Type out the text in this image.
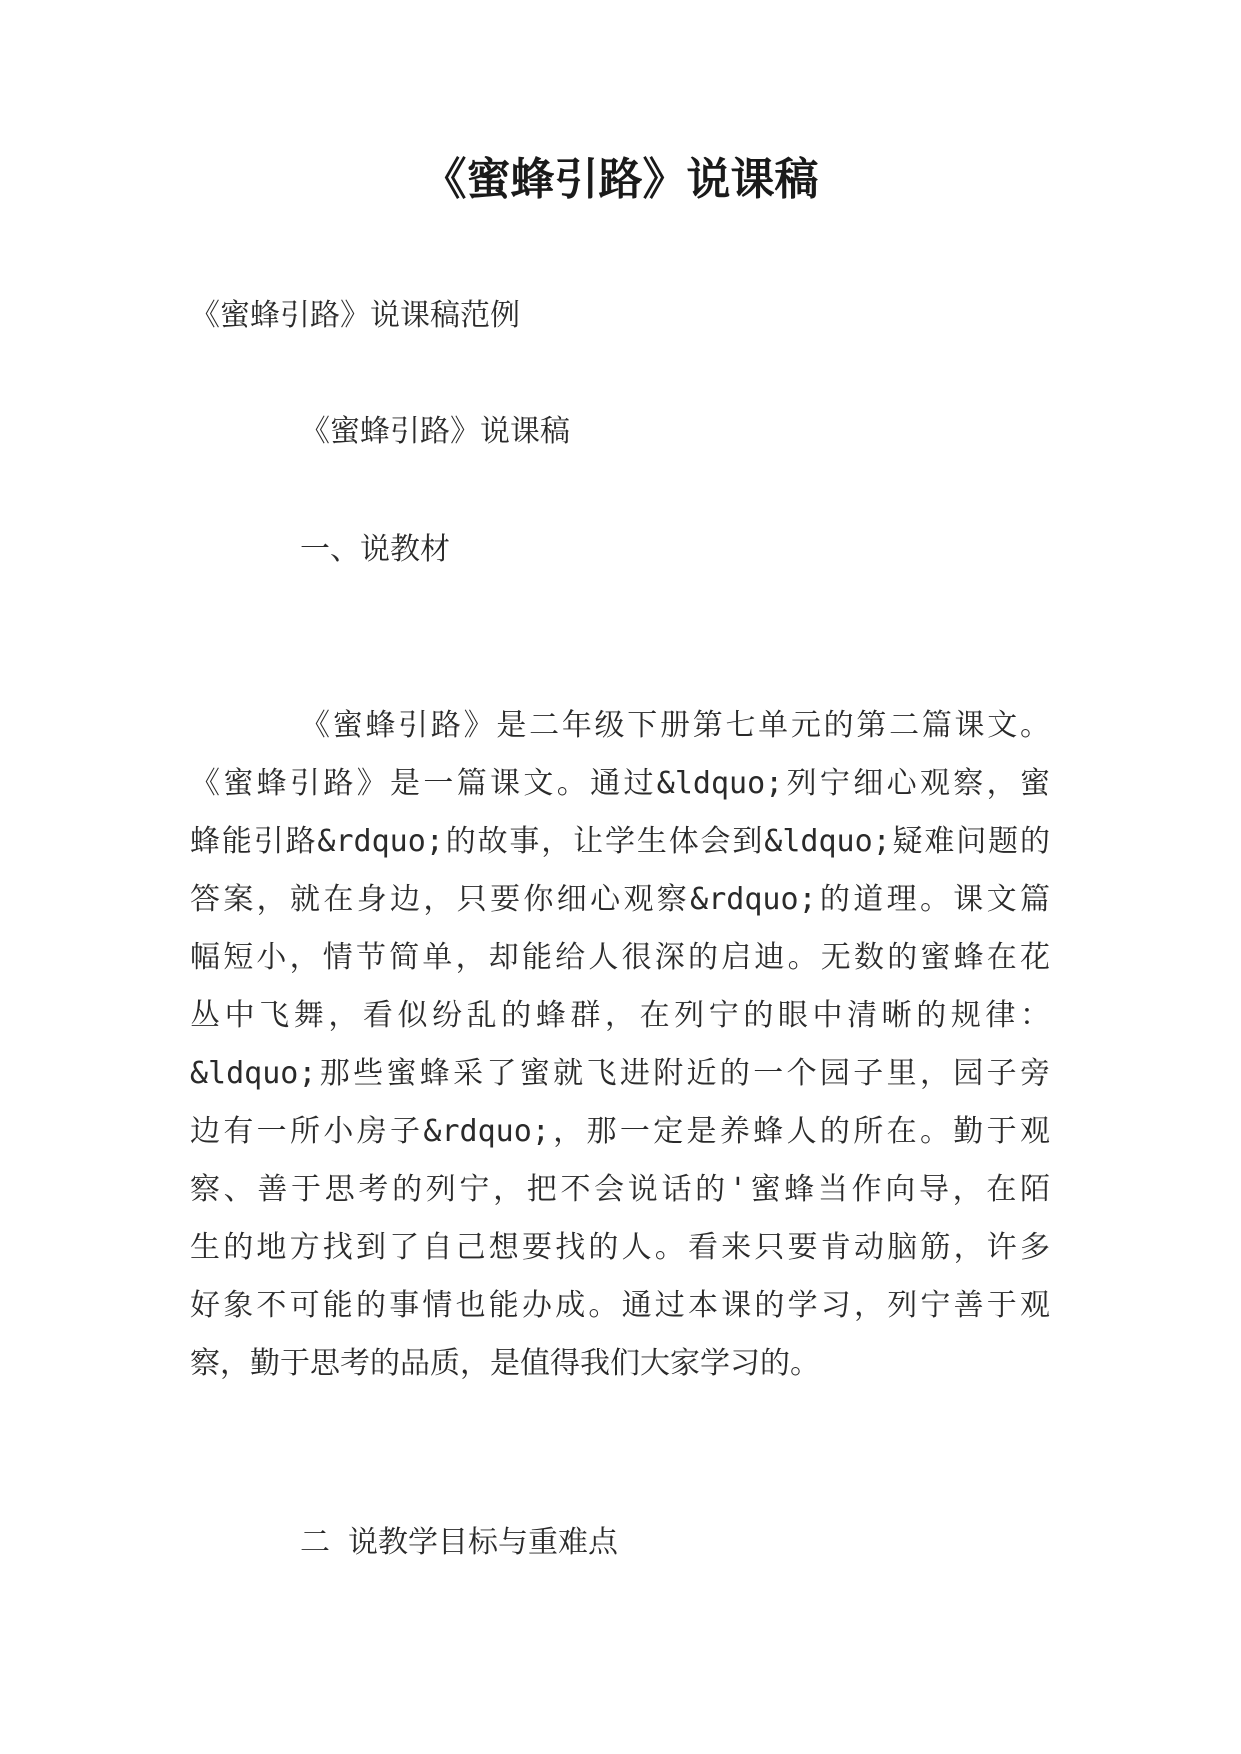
《蜜蜂引路》说课稿

《蜜蜂引路》说课稿范例

《蜜蜂引路》说课稿

一、说教材

《蜜蜂引路》是二年级下册第七单元的第二篇课文。
《蜜蜂引路》是一篇课文。通过&ldquo;列宁细心观察，蜜
蜂能引路&rdquo;的故事，让学生体会到&ldquo;疑难问题的
答案，就在身边，只要你细心观察&rdquo;的道理。课文篇
幅短小，情节简单，却能给人很深的启迪。无数的蜜蜂在花
丛中飞舞，看似纷乱的蜂群，在列宁的眼中清晰的规律：
&ldquo;那些蜜蜂采了蜜就飞进附近的一个园子里，园子旁
边有一所小房子&rdquo;，那一定是养蜂人的所在。勤于观
察、善于思考的列宁，把不会说话的'蜜蜂当作向导，在陌
生的地方找到了自己想要找的人。看来只要肯动脑筋，许多
好象不可能的事情也能办成。通过本课的学习，列宁善于观
察，勤于思考的品质，是值得我们大家学习的。

二 说教学目标与重难点
